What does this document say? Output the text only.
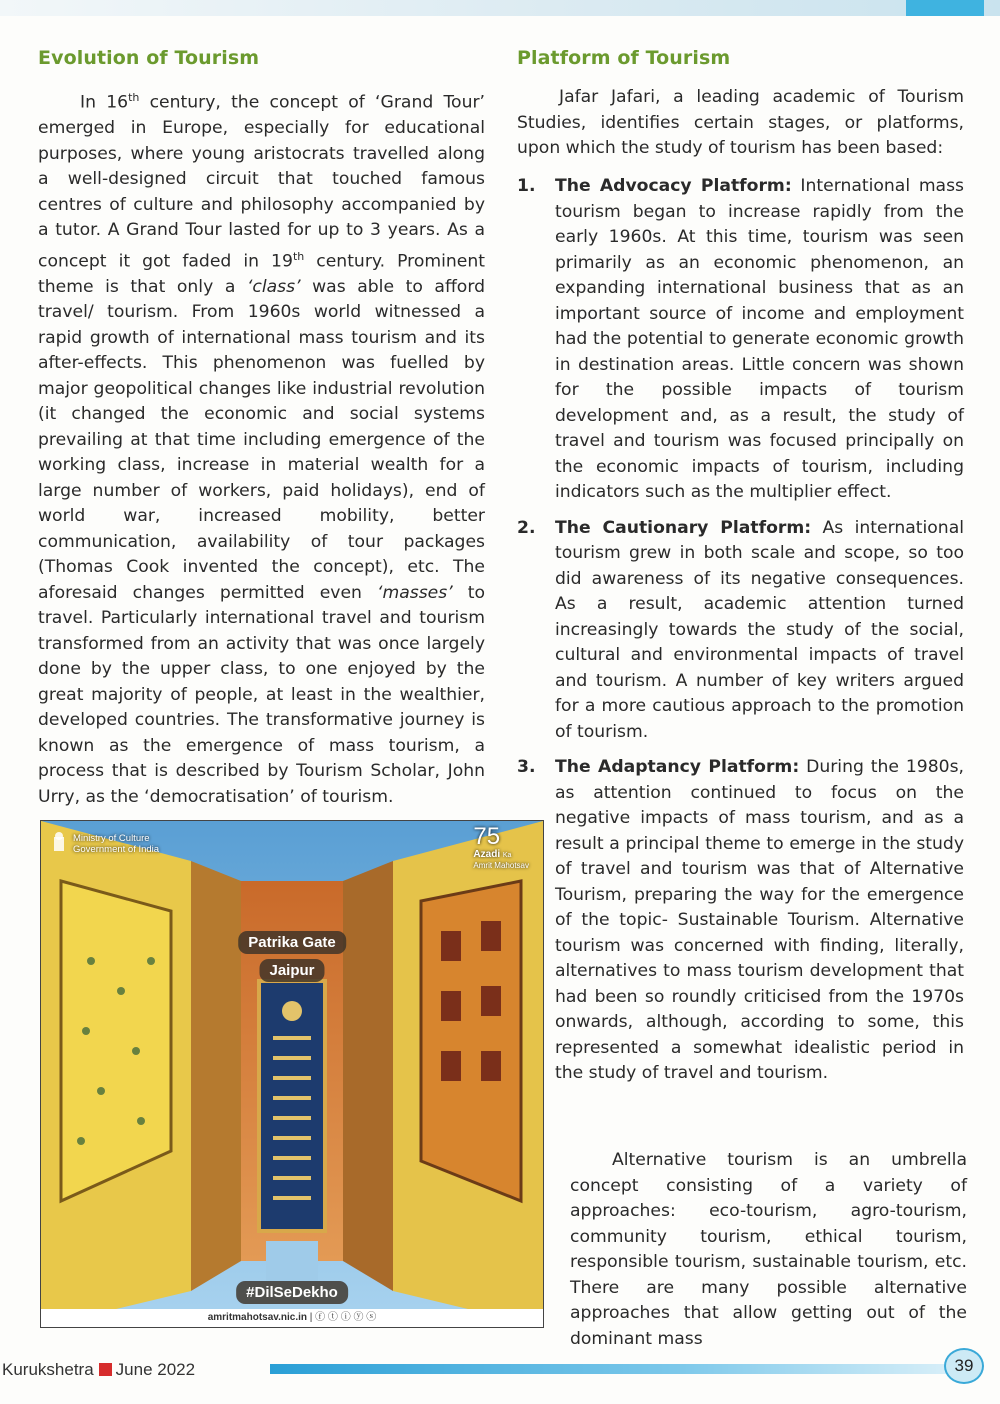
Evolution of Tourism

In 16th century, the concept of ‘Grand Tour’ emerged in Europe, especially for educational purposes, where young aristocrats travelled along a well-designed circuit that touched famous centres of culture and philosophy accompanied by a tutor. A Grand Tour lasted for up to 3 years. As a concept it got faded in 19th century. Prominent theme is that only a ‘class’ was able to afford travel/ tourism. From 1960s world witnessed a rapid growth of international mass tourism and its after-effects. This phenomenon was fuelled by major geopolitical changes like industrial revolution (it changed the economic and social systems prevailing at that time including emergence of the working class, increase in material wealth for a large number of workers, paid holidays), end of world war, increased mobility, better communication, availability of tour packages (Thomas Cook invented the concept), etc. The aforesaid changes permitted even ‘masses’ to travel. Particularly international travel and tourism transformed from an activity that was once largely done by the upper class, to one enjoyed by the great majority of people, at least in the wealthier, developed countries. The transformative journey is known as the emergence of mass tourism, a process that is described by Tourism Scholar, John Urry, as the ‘democratisation’ of tourism.

Ministry of Culture
Government of India	75
Azadi Ka
Amrit Mahotsav
Patrika Gate
Jaipur
#DilSeDekho
amritmahotsav.nic.in | ⓕ ⓣ ⓘ ⓨ ⓢ
Platform of Tourism

Jafar Jafari, a leading academic of Tourism Studies, identifies certain stages, or platforms, upon which the study of tourism has been based:

1. The Advocacy Platform: International mass tourism began to increase rapidly from the early 1960s. At this time, tourism was seen primarily as an economic phenomenon, an expanding international business that as an important source of income and employment had the potential to generate economic growth in destination areas. Little concern was shown for the possible impacts of tourism development and, as a result, the study of travel and tourism was focused principally on the economic impacts of tourism, including indicators such as the multiplier effect.
2. The Cautionary Platform: As international tourism grew in both scale and scope, so too did awareness of its negative consequences. As a result, academic attention turned increasingly towards the study of the social, cultural and environmental impacts of travel and tourism. A number of key writers argued for a more cautious approach to the promotion of tourism.
3. The Adaptancy Platform: During the 1980s, as attention continued to focus on the negative impacts of mass tourism, and as a result a principal theme to emerge in the study of travel and tourism was that of Alternative Tourism, preparing the way for the emergence of the topic- Sustainable Tourism. Alternative tourism was concerned with finding, literally, alternatives to mass tourism development that had been so roundly criticised from the 1970s onwards, although, according to some, this represented a somewhat idealistic period in the study of travel and tourism.

Alternative tourism is an umbrella concept consisting of a variety of approaches: eco-tourism, agro-tourism, community tourism, ethical tourism, responsible tourism, sustainable tourism, etc. There are many possible alternative approaches that allow getting out of the dominant mass

Kurukshetra June 2022	39
